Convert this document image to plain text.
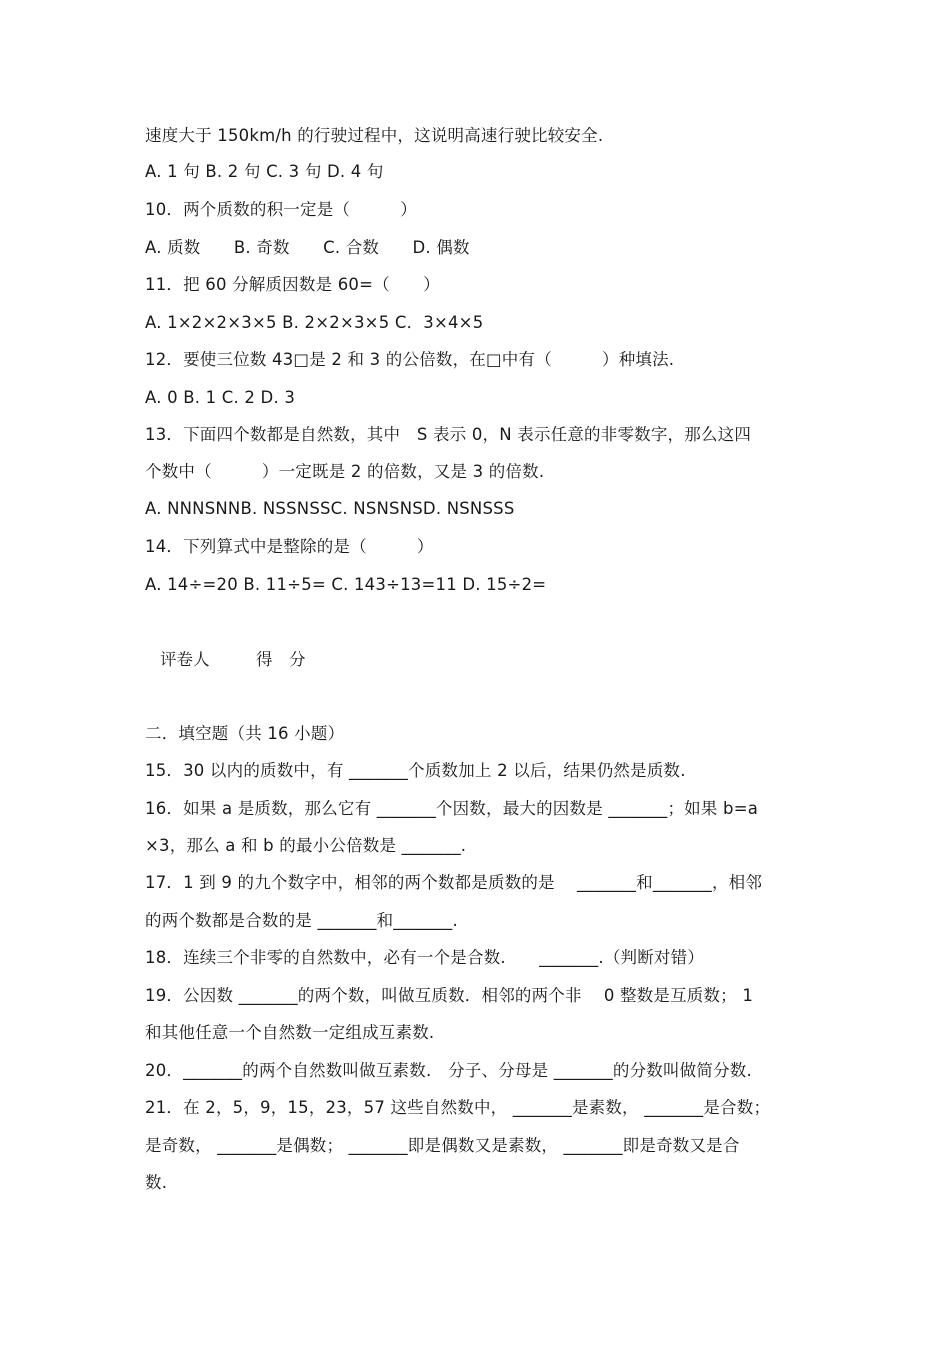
速度大于 150km/h 的行驶过程中，这说明高速行驶比较安全.
A. 1 句 B. 2 句 C. 3 句 D. 4 句
10．两个质数的积一定是（　　　）
A. 质数　　B. 奇数　　C. 合数　　D. 偶数
11．把 60 分解质因数是 60=（　　）
A. 1×2×2×3×5 B. 2×2×3×5 C．3×4×5
12．要使三位数 43□是 2 和 3 的公倍数，在□中有（　　　）种填法.
A. 0 B. 1 C. 2 D. 3
13．下面四个数都是自然数，其中　S 表示 0，N 表示任意的非零数字，那么这四
个数中（　　　）一定既是 2 的倍数，又是 3 的倍数.
A. NNNSNNB. NSSNSSC. NSNSNSD. NSNSSS
14．下列算式中是整除的是（　　　）
A. 14÷=20 B. 11÷5= C. 143÷13=11 D. 15÷2=
评卷人	得　分
二．填空题（共 16 小题）
15．30 以内的质数中，有 _______个质数加上 2 以后，结果仍然是质数.
16．如果 a 是质数，那么它有 _______个因数，最大的因数是 _______；如果 b=a
×3，那么 a 和 b 的最小公倍数是 _______.
17．1 到 9 的九个数字中，相邻的两个数都是质数的是　 _______和_______，相邻
的两个数都是合数的是 _______和_______.
18．连续三个非零的自然数中，必有一个是合数.　　_______.（判断对错）
19．公因数 _______的两个数，叫做互质数．相邻的两个非　 0 整数是互质数； 1
和其他任意一个自然数一定组成互素数.
20．_______的两个自然数叫做互素数.　分子、分母是 _______的分数叫做简分数.
21．在 2，5，9，15，23，57 这些自然数中， _______是素数， _______是合数；
是奇数， _______是偶数； _______即是偶数又是素数， _______即是奇数又是合
数.
